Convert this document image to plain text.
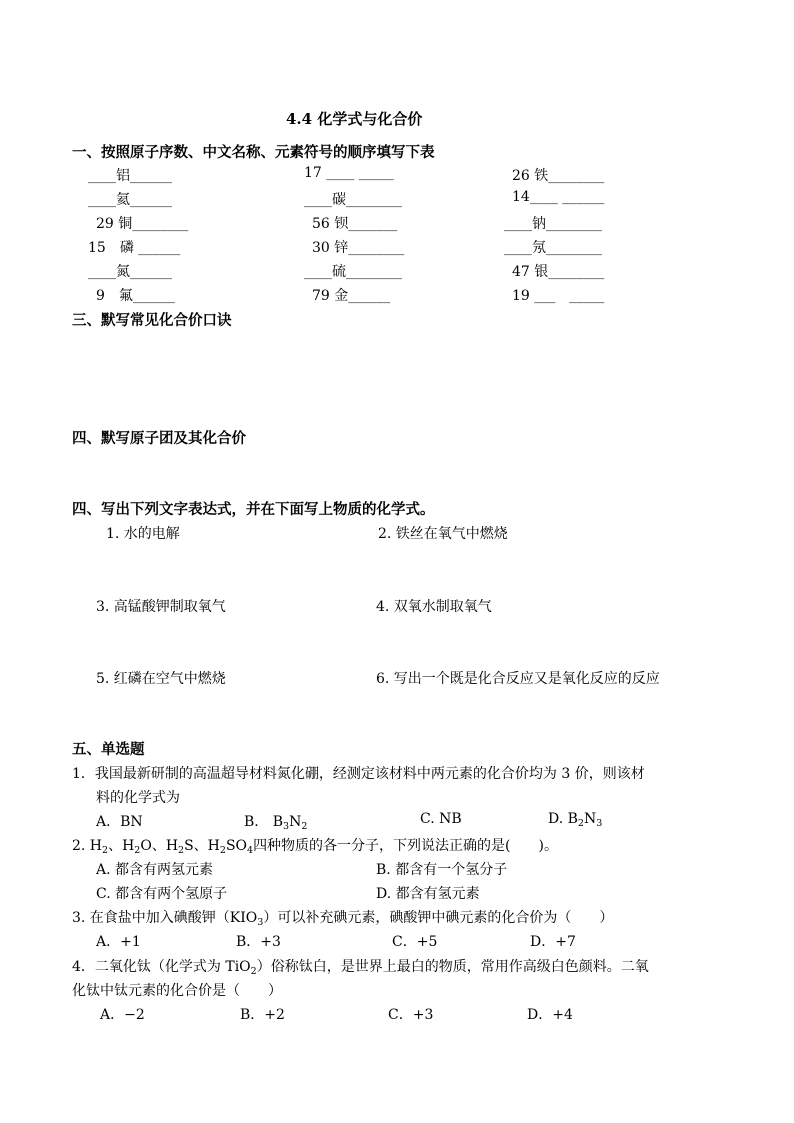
4.4 化学式与化合价
一、按照原子序数、中文名称、元素符号的顺序填写下表
____铝______	17 ____ _____	26 铁________
____氦______	____碳________	14____ ______
29 铜________	56 钡_______	____钠________
15　磷 ______	30 锌________	____氖________
____氮______	____硫________	47 银________
9　氟______	79 金______	19 ___　_____
三、默写常见化合价口诀
四、默写原子团及其化合价
四、写出下列文字表达式，并在下面写上物质的化学式。
1. 水的电解	2. 铁丝在氧气中燃烧
3. 高锰酸钾制取氧气	4. 双氧水制取氧气
5. 红磷在空气中燃烧	6. 写出一个既是化合反应又是氧化反应的反应
五、单选题
1．我国最新研制的高温超导材料氮化硼，经测定该材料中两元素的化合价均为 3 价，则该材
料的化学式为
A．BN	B.　$B_3N_2$	C. NB	D. $B_2N_3$
2. $H_2$、$H_2O$、$H_2S$、$H_2SO_4$四种物质的各一分子，下列说法正确的是(　　)。
A. 都含有两氢元素	B. 都含有一个氢分子
C. 都含有两个氢原子	D. 都含有氢元素
3. 在食盐中加入碘酸钾$(KIO_3)$可以补充碘元素，碘酸钾中碘元素的化合价为（　　）
A．+1	B．+3	C．+5	D．+7
4．二氧化钛（化学式为 TiO$_2$）俗称钛白，是世界上最白的物质，常用作高级白色颜料。二氧
化钛中钛元素的化合价是（　　）
A．−2	B．+2	C．+3	D．+4
